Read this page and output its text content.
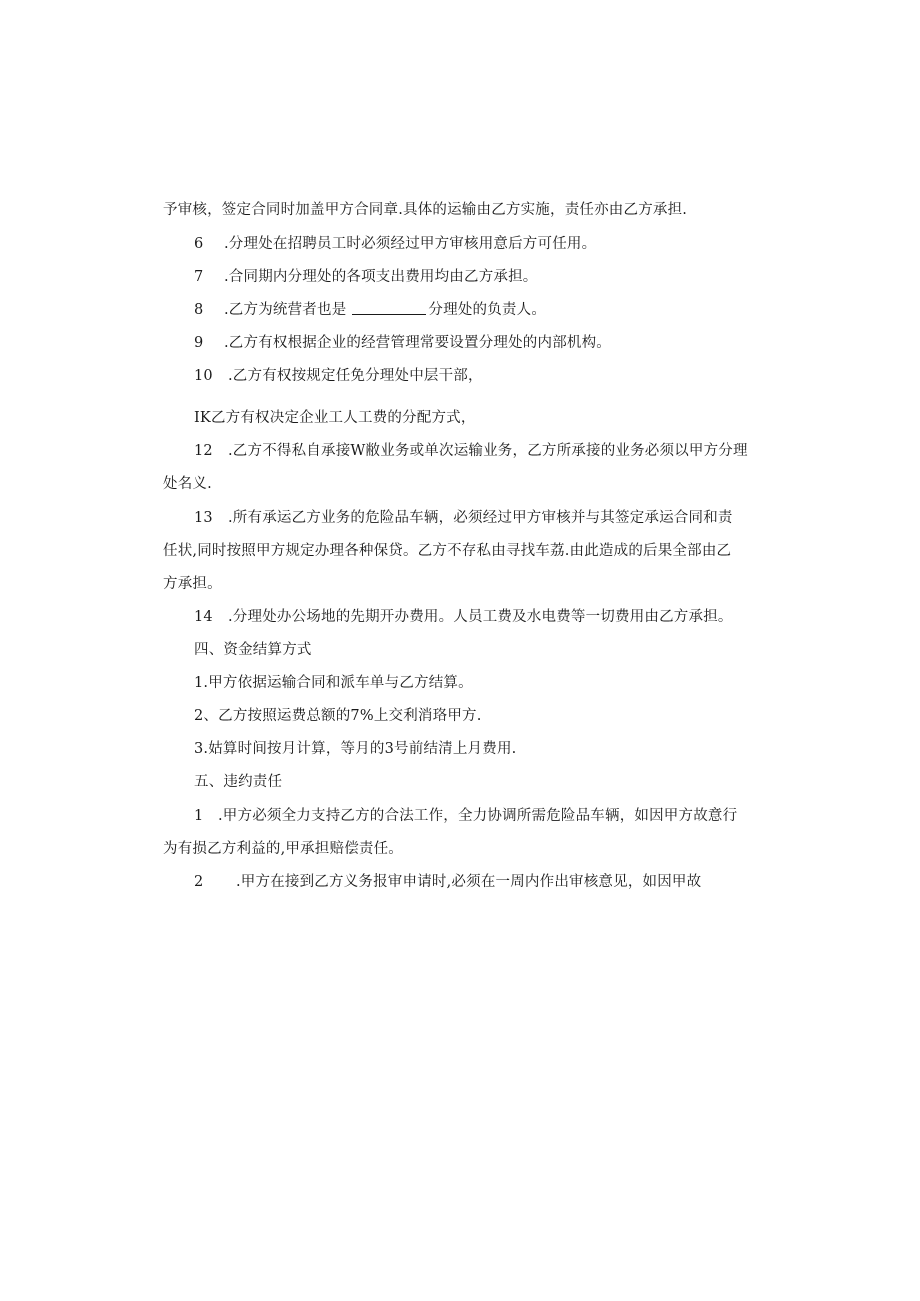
予审核，签定合同时加盖甲方合同章.具体的运输由乙方实施，责任亦由乙方承担.
6 .分理处在招聘员工时必须经过甲方审核用意后方可任用。
7 .合同期内分理处的各项支出费用均由乙方承担。
8 .乙方为统营者也是	分理处的负责人。
9 .乙方有权根据企业的经营管理常要设置分理处的内部机构。
10 .乙方有权按规定任免分理处中层干部，
IK乙方有权决定企业工人工费的分配方式，
12 .乙方不得私自承接W敝业务或单次运输业务，乙方所承接的业务必须以甲方分理
处名义.
13 .所有承运乙方业务的危险品车辆，必须经过甲方审核并与其签定承运合同和责
任状,同时按照甲方规定办理各种保贷。乙方不存私由寻找车荔.由此造成的后果全部由乙
方承担。
14 .分理处办公场地的先期开办费用。人员工费及水电费等一切费用由乙方承担。
四、资金结算方式
1.甲方依据运输合同和派车单与乙方结算。
2、乙方按照运费总额的7%上交利消珞甲方.
3.姑算时间按月计算，等月的3号前结清上月费用.
五、违约责任
1 .甲方必须全力支持乙方的合法工作，全力协调所需危险品车辆，如因甲方故意行
为有损乙方利益的,甲承担赔偿责任。
2 .甲方在接到乙方义务报审申请时,必须在一周内作出审核意见，如因甲故
